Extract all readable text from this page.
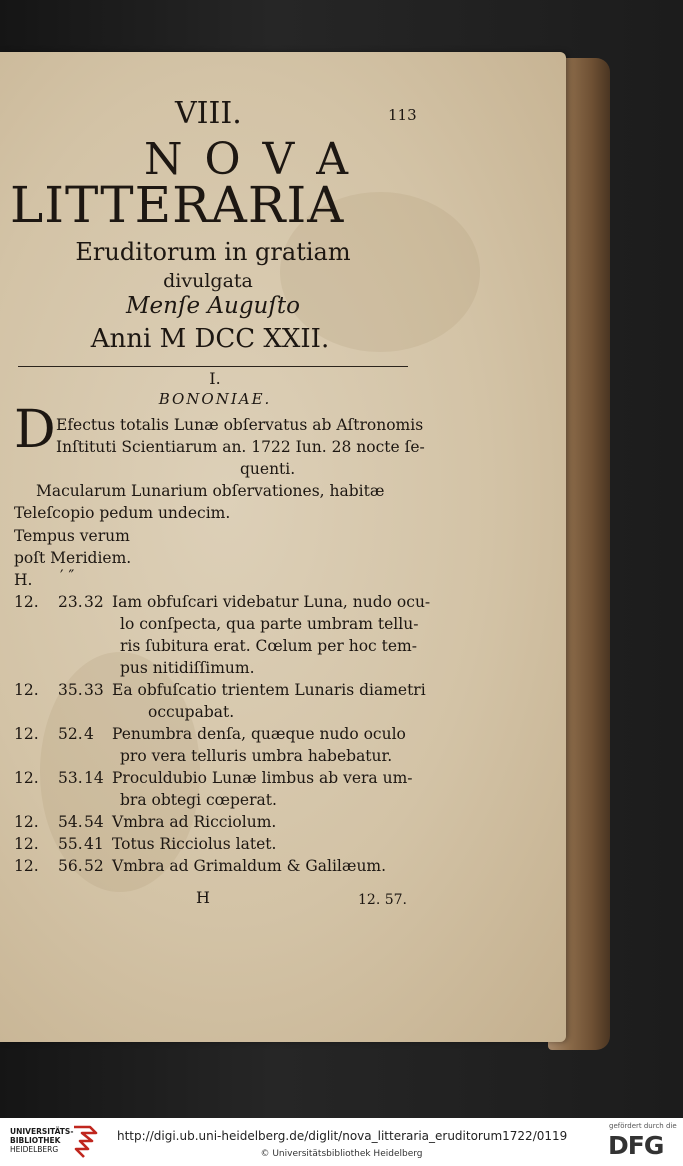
VIII.	113
N O V A
LITTERARIA
Eruditorum in gratiam
divulgata
Menſe Auguſto
Anni M DCC XXII.
I.
BONONIAE.
D Efectus totalis Lunæ obſervatus ab Aſtronomis
Inſtituti Scientiarum an. 1722 Iun. 28 nocte ſe-
quenti.
Macularum Lunarium obſervationes, habitæ
Teleſcopio pedum undecim.
Tempus verum
poſt Meridiem.
H. ′ ″
H	12. 57.
12. 23. 32 Iam obfuſcari videbatur Luna, nudo ocu-
lo conſpecta, qua parte umbram tellu-
ris ſubitura erat. Cœlum per hoc tem-
pus nitidiſſimum.
12. 35. 33 Ea obfuſcatio trientem Lunaris diametri
occupabat.
12. 52. 4 Penumbra denſa, quæque nudo oculo
pro vera telluris umbra habebatur.
12. 53. 14 Proculdubio Lunæ limbus ab vera um-
bra obtegi cœperat.
12. 54. 54 Vmbra ad Ricciolum.
12. 55. 41 Totus Ricciolus latet.
12. 56. 52 Vmbra ad Grimaldum & Galilæum.
UNIVERSITÄTS-
BIBLIOTHEK
HEIDELBERG
http://digi.ub.uni-heidelberg.de/diglit/nova_litteraria_eruditorum1722/0119
© Universitätsbibliothek Heidelberg
gefördert durch die
DFG
